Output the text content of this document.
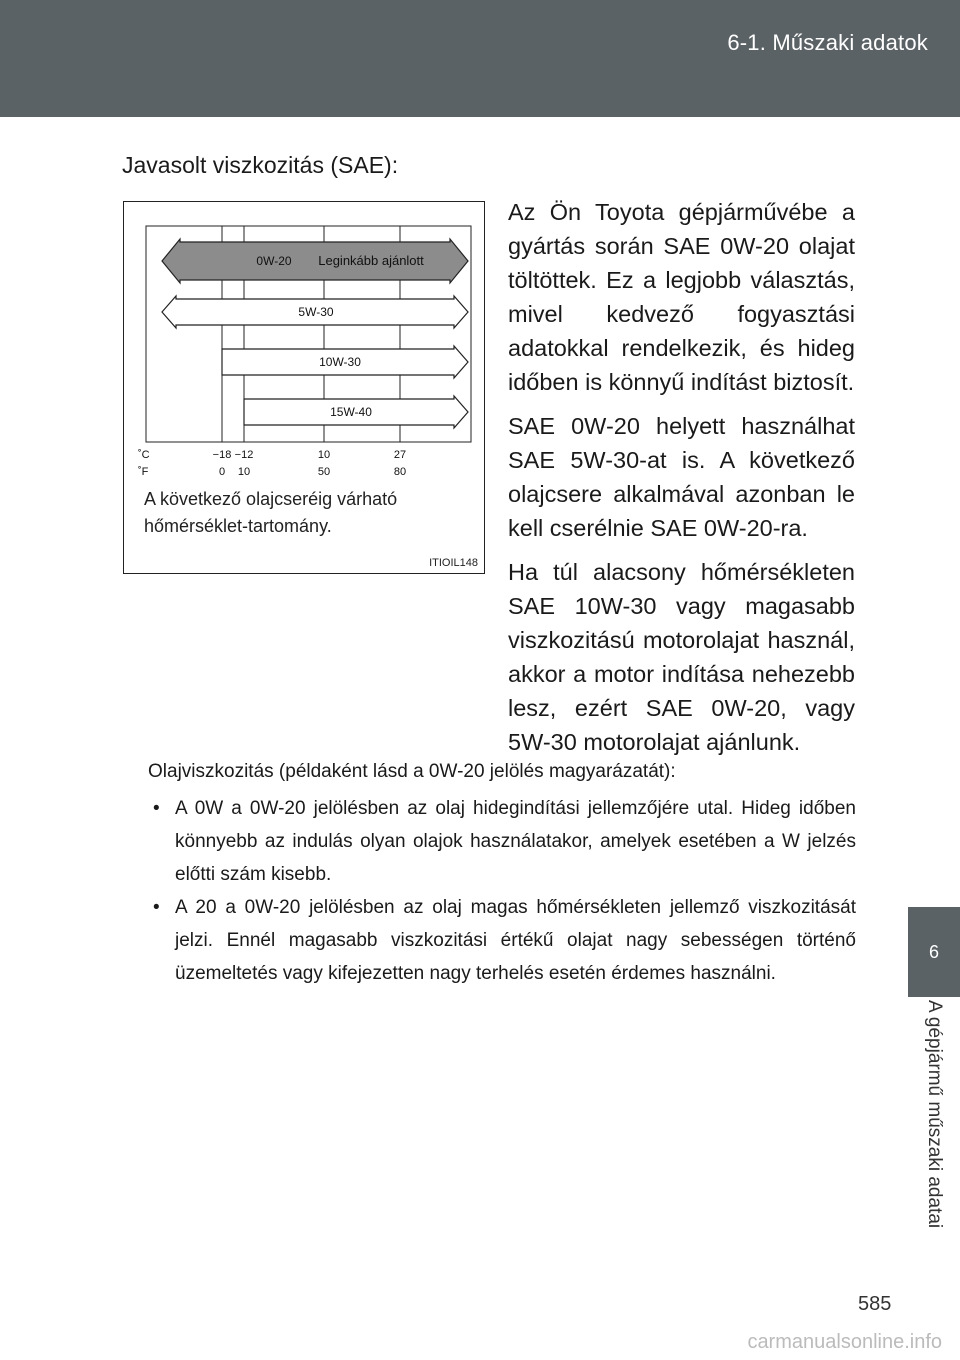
6-1. Műszaki adatok
6
A gépjármű műszaki adatai
Javasolt viszkozitás (SAE):
0W-20 Leginkább ajánlott
5W-30
10W-30
15W-40
˚C
˚F
−18 −12	10	27
0 10	50	80
A következő olajcseréig várható hőmérséklet-tartomány.
ITIOIL148

Az Ön Toyota gépjárművébe a gyártás során SAE 0W-20 olajat töltöttek. Ez a legjobb választás, mivel kedvező fogyasztási adatokkal rendelkezik, és hideg időben is könnyű indítást biztosít.

SAE 0W-20 helyett használhat SAE 5W-30-at is. A következő olajcsere alkalmával azonban le kell cserélnie SAE 0W-20-ra.

Ha túl alacsony hőmérsékleten SAE 10W-30 vagy magasabb viszkozitású motorolajat használ, akkor a motor indítása nehezebb lesz, ezért SAE 0W-20, vagy 5W-30 motorolajat ajánlunk.

Olajviszkozitás (példaként lásd a 0W-20 jelölés magyarázatát):

• A 0W a 0W-20 jelölésben az olaj hidegindítási jellemzőjére utal. Hideg időben könnyebb az indulás olyan olajok használatakor, amelyek esetében a W jelzés előtti szám kisebb.

• A 20 a 0W-20 jelölésben az olaj magas hőmérsékleten jellemző viszkozitását jelzi. Ennél magasabb viszkozitási értékű olajat nagy sebességen történő üzemeltetés vagy kifejezetten nagy terhelés esetén érdemes használni.

585
carmanualsonline.info
